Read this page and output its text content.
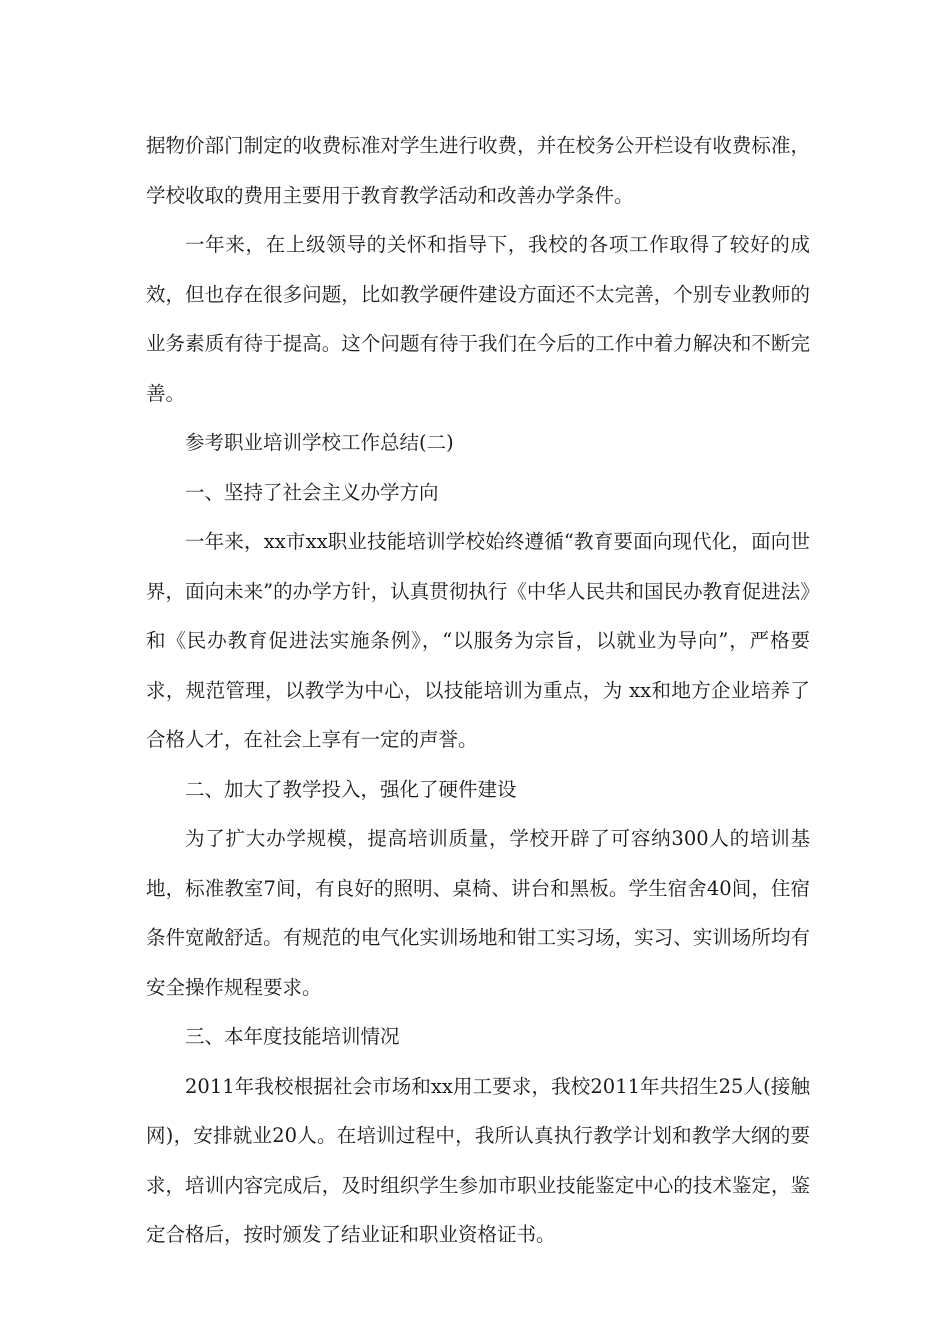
据物价部门制定的收费标准对学生进行收费，并在校务公开栏设有收费标准，学校收取的费用主要用于教育教学活动和改善办学条件。

一年来，在上级领导的关怀和指导下，我校的各项工作取得了较好的成效，但也存在很多问题，比如教学硬件建设方面还不太完善，个别专业教师的业务素质有待于提高。这个问题有待于我们在今后的工作中着力解决和不断完善。

参考职业培训学校工作总结(二)

一、坚持了社会主义办学方向

一年来，xx市xx职业技能培训学校始终遵循“教育要面向现代化，面向世界，面向未来”的办学方针，认真贯彻执行《中华人民共和国民办教育促进法》和《民办教育促进法实施条例》，“以服务为宗旨，以就业为导向”，严格要求，规范管理，以教学为中心，以技能培训为重点，为 xx和地方企业培养了合格人才，在社会上享有一定的声誉。

二、加大了教学投入，强化了硬件建设

为了扩大办学规模，提高培训质量，学校开辟了可容纳300人的培训基地，标准教室7间，有良好的照明、桌椅、讲台和黑板。学生宿舍40间，住宿条件宽敞舒适。有规范的电气化实训场地和钳工实习场，实习、实训场所均有安全操作规程要求。

三、本年度技能培训情况

2011年我校根据社会市场和xx用工要求，我校2011年共招生25人(接触网)，安排就业20人。在培训过程中，我所认真执行教学计划和教学大纲的要求，培训内容完成后，及时组织学生参加市职业技能鉴定中心的技术鉴定，鉴定合格后，按时颁发了结业证和职业资格证书。
